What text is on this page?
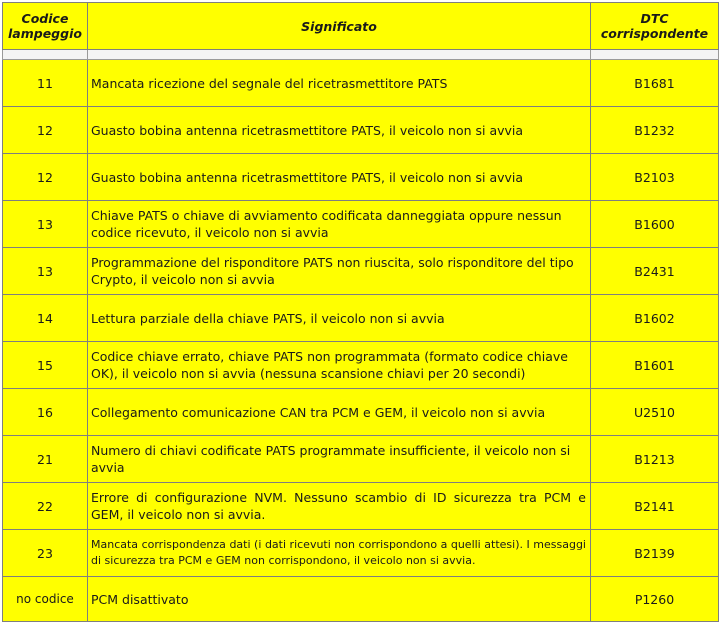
Codice lampeggio	Significato	DTC corrispondente

11	Mancata ricezione del segnale del ricetrasmettitore PATS	B1681
12	Guasto bobina antenna ricetrasmettitore PATS, il veicolo non si avvia	B1232
12	Guasto bobina antenna ricetrasmettitore PATS, il veicolo non si avvia	B2103
13	Chiave PATS o chiave di avviamento codificata danneggiata oppure nessun codice ricevuto, il veicolo non si avvia	B1600
13	Programmazione del risponditore PATS non riuscita, solo risponditore del tipo Crypto, il veicolo non si avvia	B2431
14	Lettura parziale della chiave PATS, il veicolo non si avvia	B1602
15	Codice chiave errato, chiave PATS non programmata (formato codice chiave OK), il veicolo non si avvia (nessuna scansione chiavi per 20 secondi)	B1601
16	Collegamento comunicazione CAN tra PCM e GEM, il veicolo non si avvia	U2510
21	Numero di chiavi codificate PATS programmate insufficiente, il veicolo non si avvia	B1213
22	Errore di configurazione NVM. Nessuno scambio di ID sicurezza tra PCM e GEM, il veicolo non si avvia.	B2141
23	Mancata corrispondenza dati (i dati ricevuti non corrispondono a quelli attesi). I messaggi di sicurezza tra PCM e GEM non corrispondono, il veicolo non si avvia.	B2139
no codice	PCM disattivato	P1260
